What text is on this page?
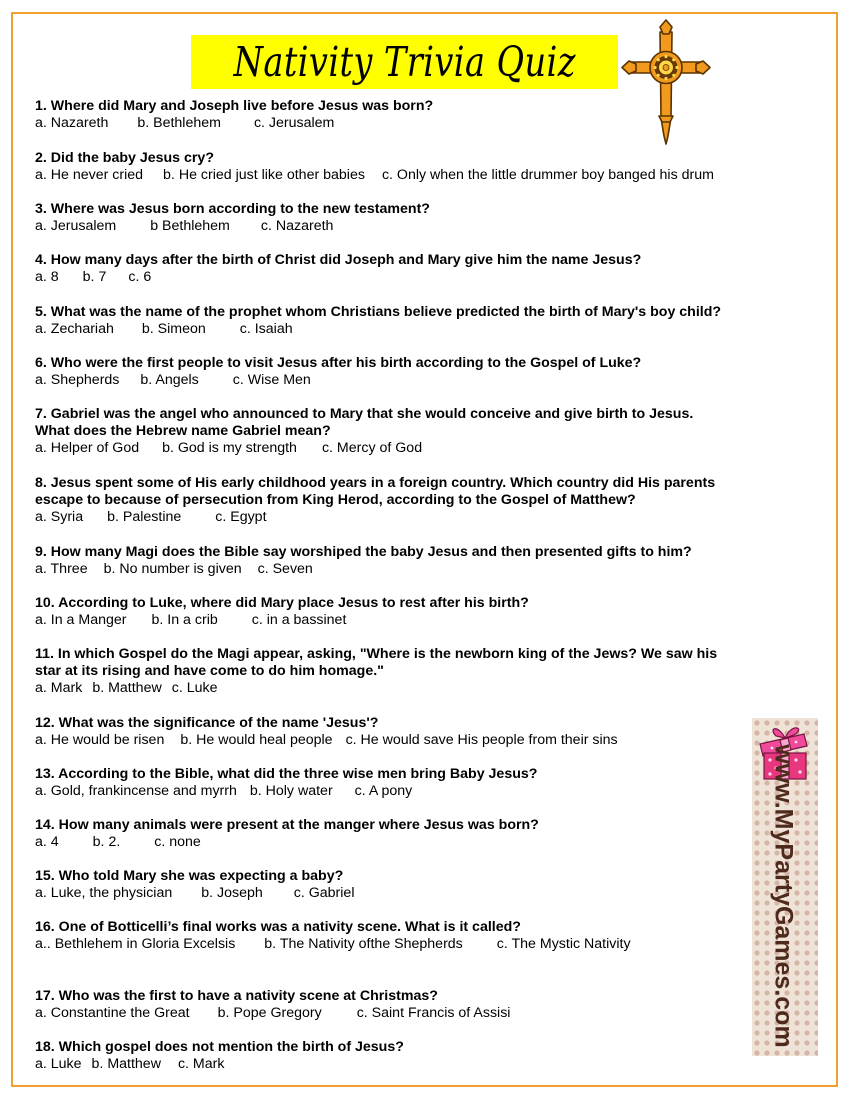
Nativity Trivia Quiz
1. Where did Mary and Joseph live before Jesus was born?
a. Nazareth b. Bethlehem c. Jerusalem
2. Did the baby Jesus cry?
a. He never cried b. He cried just like other babies c. Only when the little drummer boy banged his drum
3. Where was Jesus born according to the new testament?
a. Jerusalem b Bethlehem c. Nazareth
4. How many days after the birth of Christ did Joseph and Mary give him the name Jesus?
a. 8 b. 7 c. 6
5. What was the name of the prophet whom Christians believe predicted the birth of Mary's boy child?
a. Zechariah b. Simeon c. Isaiah
6. Who were the first people to visit Jesus after his birth according to the Gospel of Luke?
a. Shepherds b. Angels c. Wise Men
7. Gabriel was the angel who announced to Mary that she would conceive and give birth to Jesus.
What does the Hebrew name Gabriel mean?
a. Helper of God b. God is my strength c. Mercy of God
8. Jesus spent some of His early childhood years in a foreign country. Which country did His parents
escape to because of persecution from King Herod, according to the Gospel of Matthew?
a. Syria b. Palestine c. Egypt
9. How many Magi does the Bible say worshiped the baby Jesus and then presented gifts to him?
a. Three b. No number is given c. Seven
10. According to Luke, where did Mary place Jesus to rest after his birth?
a. In a Manger b. In a crib c. in a bassinet
11. In which Gospel do the Magi appear, asking, "Where is the newborn king of the Jews? We saw his
star at its rising and have come to do him homage."
a. Mark b. Matthew c. Luke
12. What was the significance of the name 'Jesus'?
a. He would be risen b. He would heal people c. He would save His people from their sins
13. According to the Bible, what did the three wise men bring Baby Jesus?
a. Gold, frankincense and myrrh b. Holy water c. A pony
14. How many animals were present at the manger where Jesus was born?
a. 4 b. 2. c. none
15. Who told Mary she was expecting a baby?
a. Luke, the physician b. Joseph c. Gabriel
16. One of Botticelli’s final works was a nativity scene. What is it called?
a.. Bethlehem in Gloria Excelsis b. The Nativity ofthe Shepherds c. The Mystic Nativity
17. Who was the first to have a nativity scene at Christmas?
a. Constantine the Great b. Pope Gregory c. Saint Francis of Assisi
18. Which gospel does not mention the birth of Jesus?
a. Luke b. Matthew c. Mark
www.MyPartyGames.com
